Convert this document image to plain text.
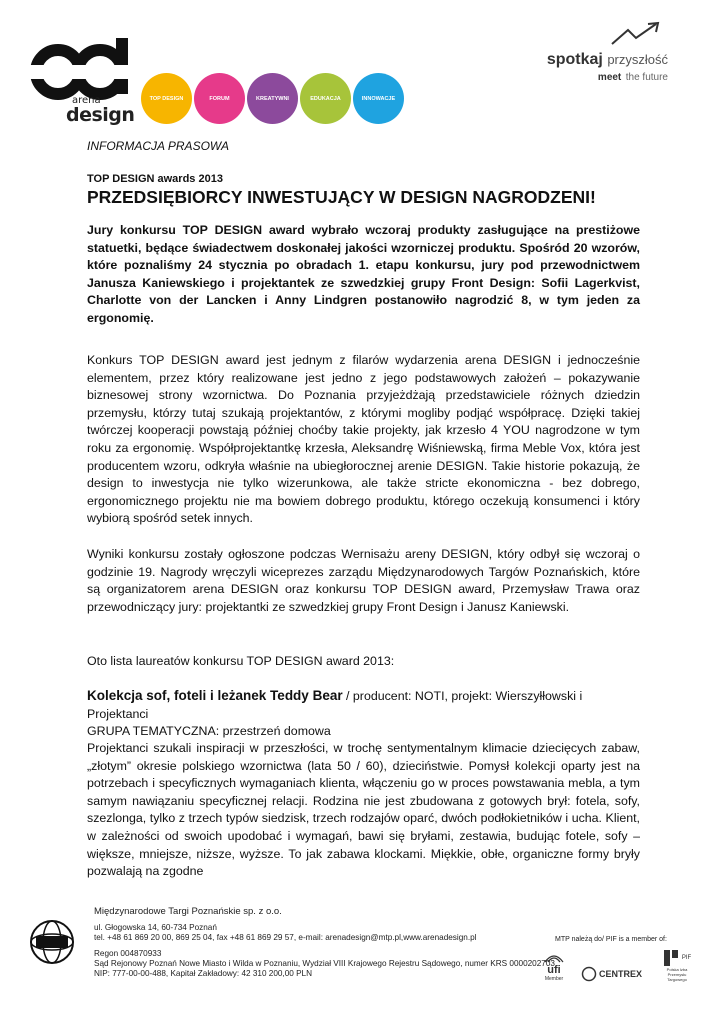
arena
design
TOP DESIGN	FORUM	KREATYWNI	EDUKACJA	INNOWACJE
spotkaj przyszłość
meet the future
INFORMACJA PRASOWA
TOP DESIGN awards 2013
PRZEDSIĘBIORCY INWESTUJĄCY W DESIGN NAGRODZENI!

Jury konkursu TOP DESIGN award wybrało wczoraj produkty zasługujące na prestiżowe statuetki, będące świadectwem doskonałej jakości wzorniczej produktu. Spośród 20 wzorów, które poznaliśmy 24 stycznia po obradach 1. etapu konkursu, jury pod przewodnictwem Janusza Kaniewskiego i projektantek ze szwedzkiej grupy Front Design: Sofii Lagerkvist, Charlotte von der Lancken i Anny Lindgren postanowiło nagrodzić 8, w tym jeden za ergonomię.

Konkurs TOP DESIGN award jest jednym z filarów wydarzenia arena DESIGN i jednocześnie elementem, przez który realizowane jest jedno z jego podstawowych założeń – pokazywanie biznesowej strony wzornictwa. Do Poznania przyjeżdżają przedstawiciele różnych dziedzin przemysłu, którzy tutaj szukają projektantów, z którymi mogliby podjąć współpracę. Dzięki takiej twórczej kooperacji powstają później choćby takie projekty, jak krzesło 4 YOU nagrodzone w tym roku za ergonomię. Współprojektantkę krzesła, Aleksandrę Wiśniewską, firma Meble Vox, która jest producentem wzoru, odkryła właśnie na ubiegłorocznej arenie DESIGN. Takie historie pokazują, że design to inwestycja nie tylko wizerunkowa, ale także stricte ekonomiczna - bez dobrego, ergonomicznego projektu nie ma bowiem dobrego produktu, którego oczekują konsumenci i który wybiorą spośród setek innych.

Wyniki konkursu zostały ogłoszone podczas Wernisażu areny DESIGN, który odbył się wczoraj o godzinie 19. Nagrody wręczyli wiceprezes zarządu Międzynarodowych Targów Poznańskich, które są organizatorem arena DESIGN oraz konkursu TOP DESIGN award, Przemysław Trawa oraz przewodniczący jury: projektantki ze szwedzkiej grupy Front Design i Janusz Kaniewski.

Oto lista laureatów konkursu TOP DESIGN award 2013:

Kolekcja sof, foteli i leżanek Teddy Bear / producent: NOTI, projekt: Wierszyłłowski i Projektanci
GRUPA TEMATYCZNA: przestrzeń domowa

Projektanci szukali inspiracji w przeszłości, w trochę sentymentalnym klimacie dziecięcych zabaw, „złotym” okresie polskiego wzornictwa (lata 50 / 60), dzieciństwie. Pomysł kolekcji oparty jest na potrzebach i specyficznych wymaganiach klienta, włączeniu go w proces powstawania mebla, a tym samym nawiązaniu specyficznej relacji. Rodzina nie jest zbudowana z gotowych brył: fotela, sofy, szezlonga, tylko z trzech typów siedzisk, trzech rodzajów oparć, dwóch podłokietników i ucha. Klient, w zależności od swoich upodobać i wymagań, bawi się bryłami, zestawia, budując fotele, sofy – większe, mniejsze, niższe, wyższe. To jak zabawa klockami. Miękkie, obłe, organiczne formy bryły pozwalają na zgodne

Międzynarodowe Targi Poznańskie sp. z o.o.
ul. Głogowska 14, 60-734 Poznań
tel. +48 61 869 20 00, 869 25 04, fax +48 61 869 29 57, e-mail: arenadesign@mtp.pl,www.arenadesign.pl
Regon 004870933
Sąd Rejonowy Poznań Nowe Miasto i Wilda w Poznaniu, Wydział VIII Krajowego Rejestru Sądowego, numer KRS 0000202703
NIP: 777-00-00-488, Kapitał Zakładowy: 42 310 200,00 PLN
MTP należą do/ PIF is a member of:
ufi
Member	CENTREX
PIF
Polska Izba Przemysłu Targowego
